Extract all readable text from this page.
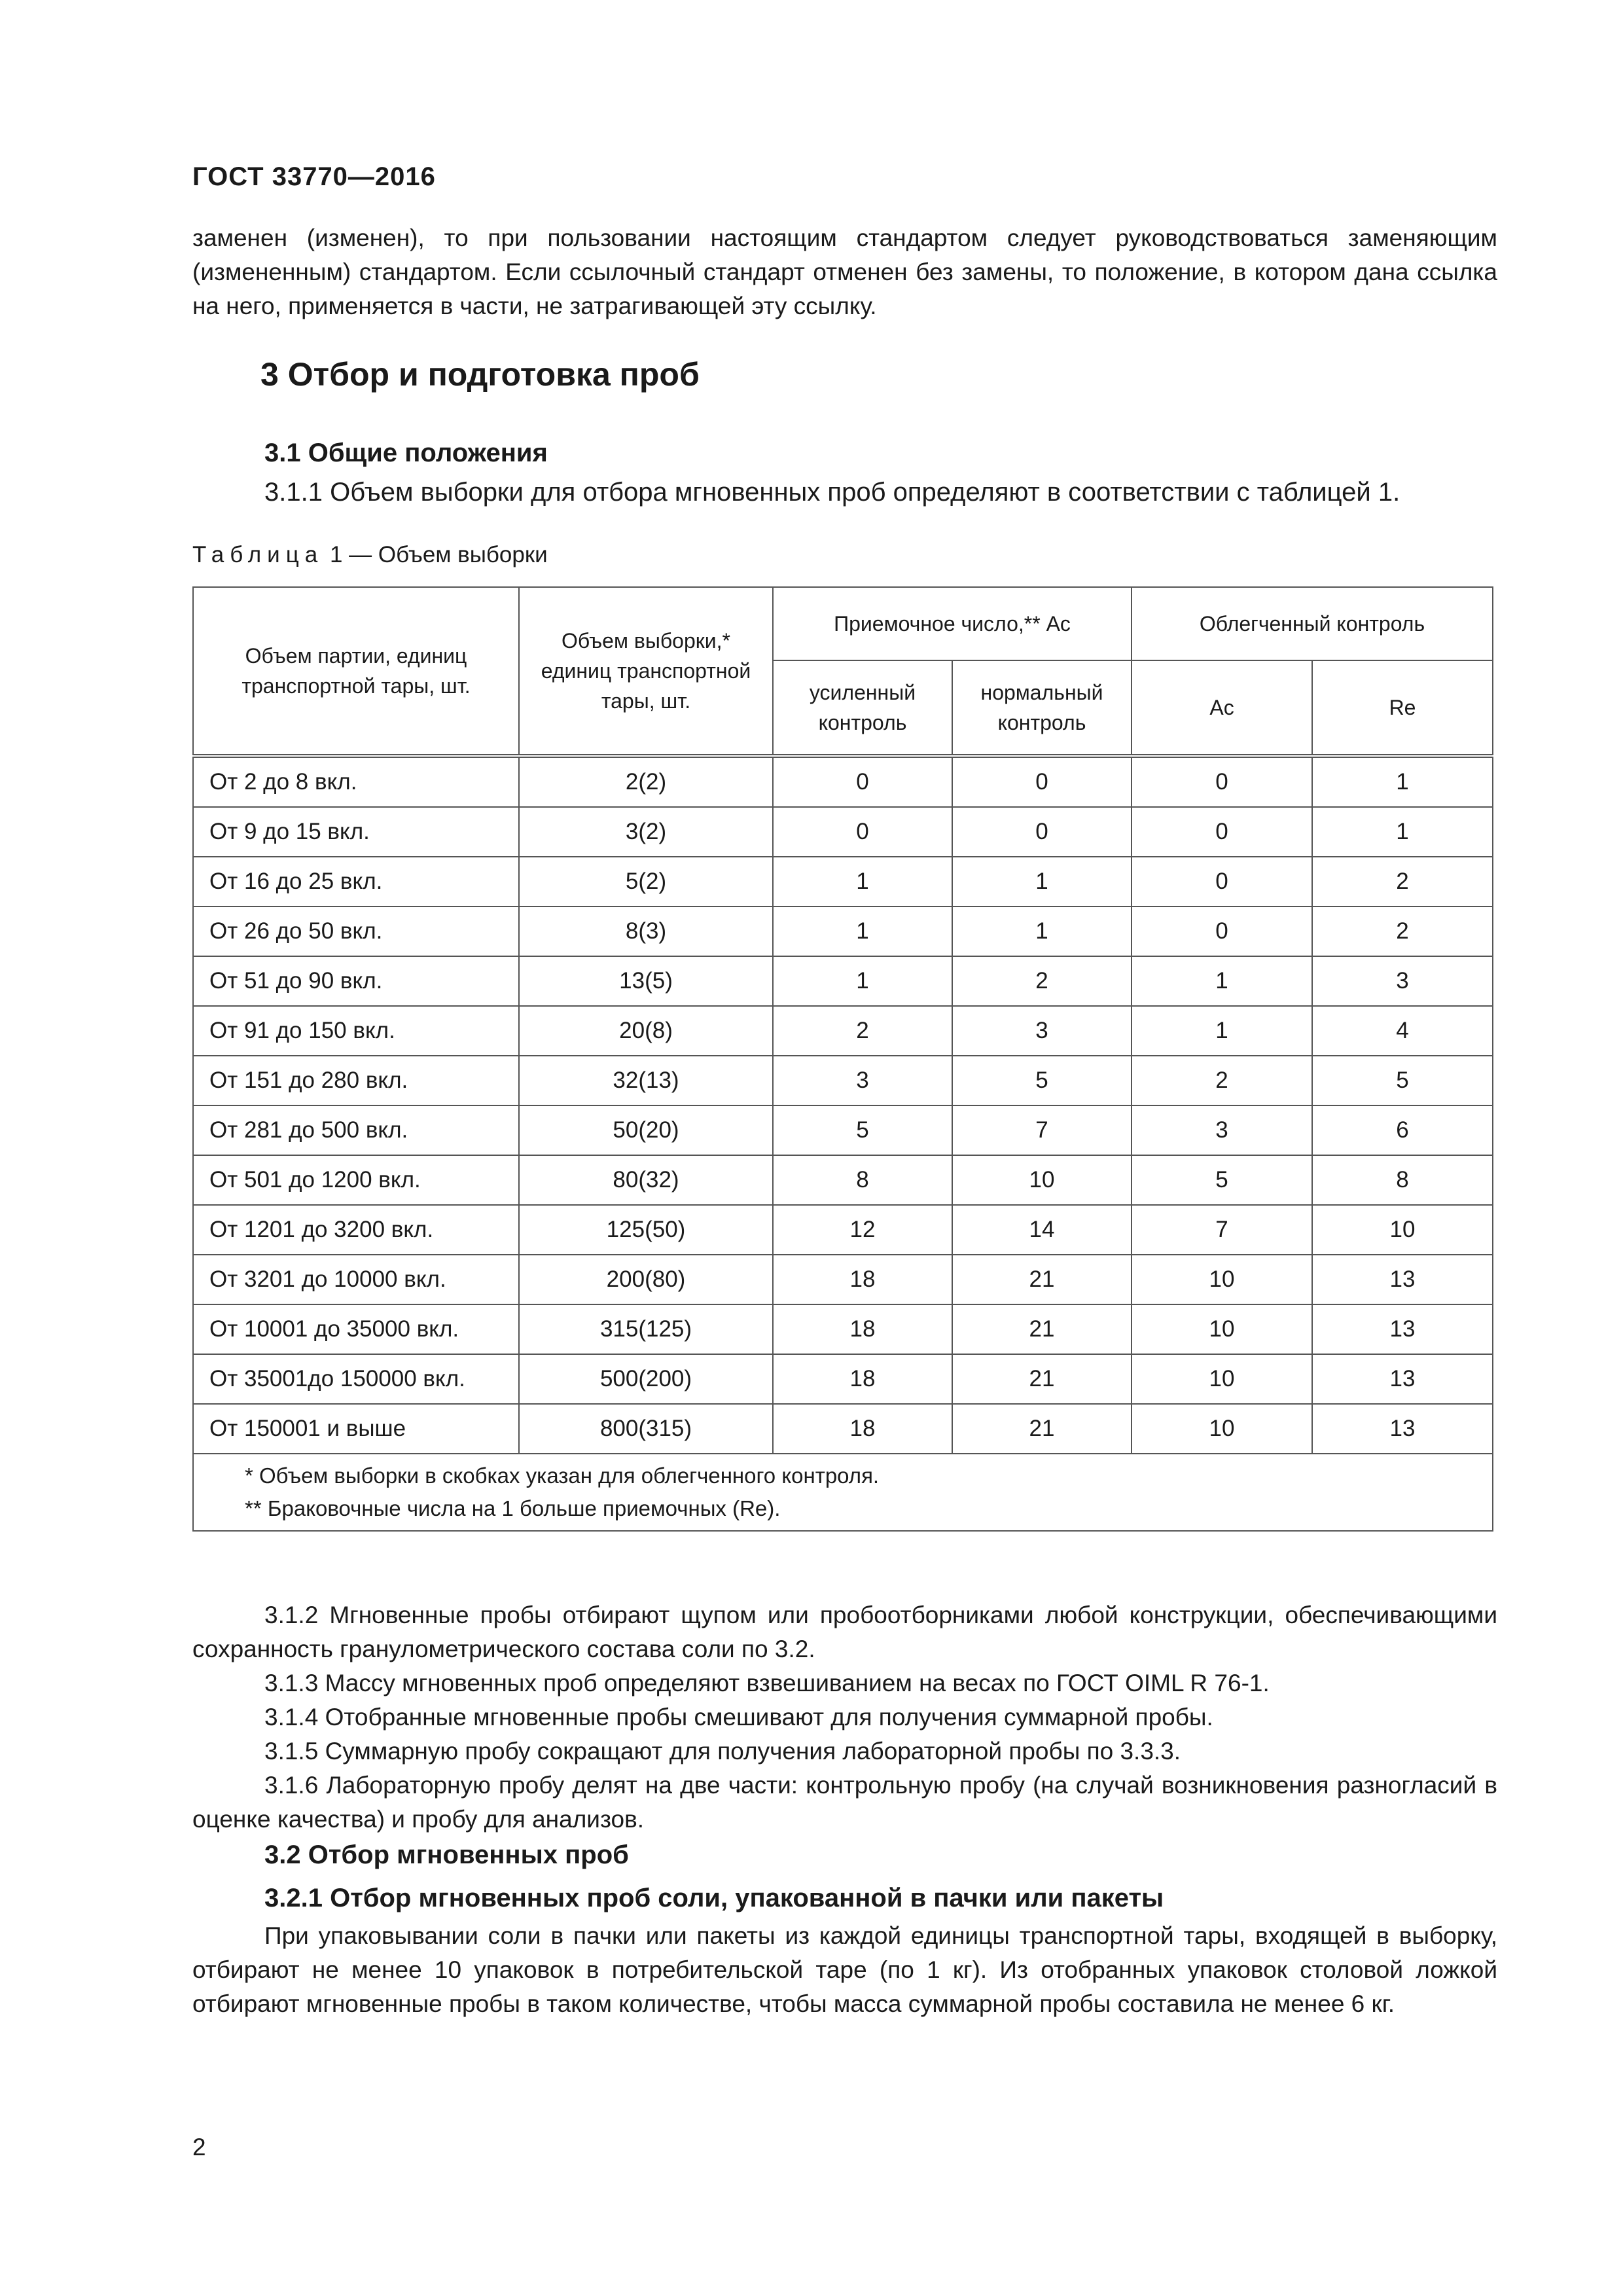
ГОСТ 33770—2016

заменен (изменен), то при пользовании настоящим стандартом следует руководствоваться заменяющим (измененным) стандартом. Если ссылочный стандарт отменен без замены, то положение, в котором дана ссылка на него, применяется в части, не затрагивающей эту ссылку.

3 Отбор и подготовка проб
3.1 Общие положения
3.1.1 Объем выборки для отбора мгновенных проб определяют в соответствии с таблицей 1.
Таблица 1 — Объем выборки
Объем партии, единиц транспортной тары, шт.	Объем выборки,* единиц транспортной тары, шт.	Приемочное число,** Ас		Облегченный контроль	
		усиленный контроль	нормальный контроль	Ас	Re
От 2 до 8 вкл.	2(2)	0	0	0	1
От 9 до 15 вкл.	3(2)	0	0	0	1
От 16 до 25 вкл.	5(2)	1	1	0	2
От 26 до 50 вкл.	8(3)	1	1	0	2
От 51 до 90 вкл.	13(5)	1	2	1	3
От 91 до 150 вкл.	20(8)	2	3	1	4
От 151 до 280 вкл.	32(13)	3	5	2	5
От 281 до 500 вкл.	50(20)	5	7	3	6
От 501 до 1200 вкл.	80(32)	8	10	5	8
От 1201 до 3200 вкл.	125(50)	12	14	7	10
От 3201 до 10000 вкл.	200(80)	18	21	10	13
От 10001 до 35000 вкл.	315(125)	18	21	10	13
От 35001до 150000 вкл.	500(200)	18	21	10	13
От 150001 и выше	800(315)	18	21	10	13

* Объем выборки в скобках указан для облегченного контроля.
** Браковочные числа на 1 больше приемочных (Re).					

3.1.2 Мгновенные пробы отбирают щупом или пробоотборниками любой конструкции, обеспечивающими сохранность гранулометрического состава соли по 3.2.

3.1.3 Массу мгновенных проб определяют взвешиванием на весах по ГОСТ OIML R 76-1.

3.1.4 Отобранные мгновенные пробы смешивают для получения суммарной пробы.

3.1.5 Суммарную пробу сокращают для получения лабораторной пробы по 3.3.3.

3.1.6 Лабораторную пробу делят на две части: контрольную пробу (на случай возникновения разногласий в оценке качества) и пробу для анализов.

3.2 Отбор мгновенных проб
3.2.1 Отбор мгновенных проб соли, упакованной в пачки или пакеты

При упаковывании соли в пачки или пакеты из каждой единицы транспортной тары, входящей в выборку, отбирают не менее 10 упаковок в потребительской таре (по 1 кг). Из отобранных упаковок столовой ложкой отбирают мгновенные пробы в таком количестве, чтобы масса суммарной пробы составила не менее 6 кг.

2
